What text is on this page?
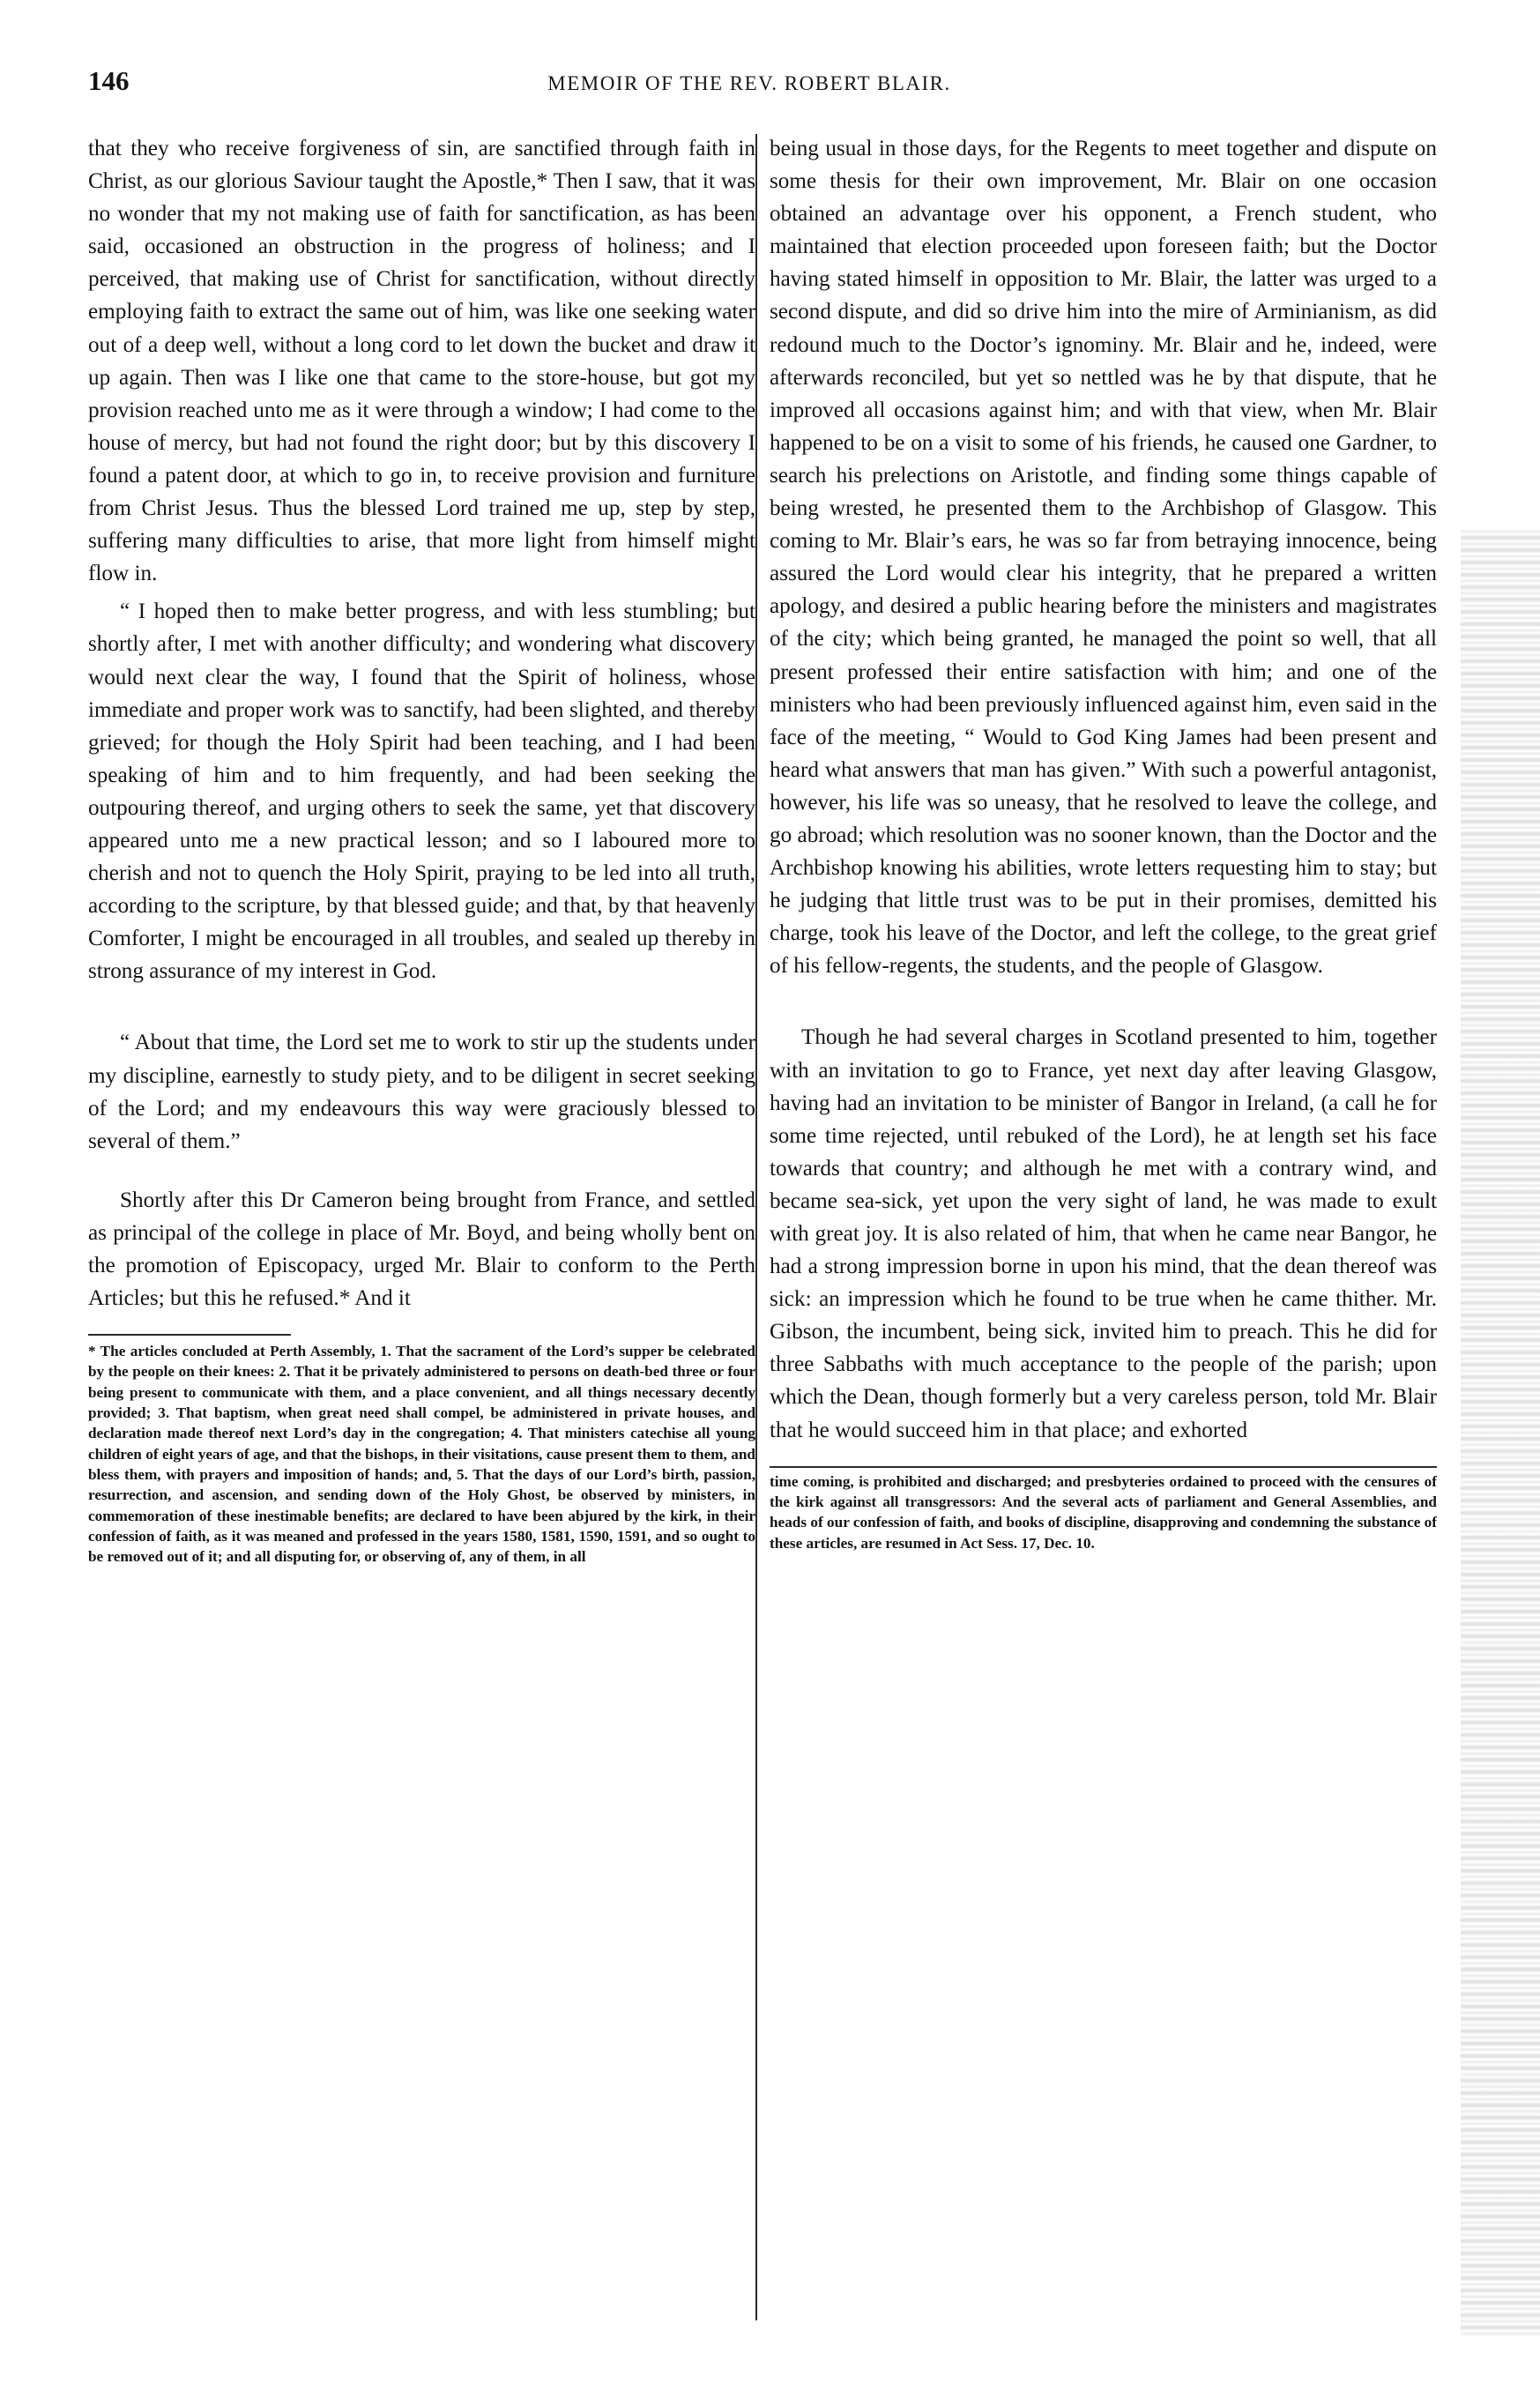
146	MEMOIR OF THE REV. ROBERT BLAIR.

that they who receive forgiveness of sin, are sanctified through faith in Christ, as our glorious Saviour taught the Apostle,* Then I saw, that it was no wonder that my not making use of faith for sanctification, as has been said, occasioned an obstruction in the progress of holiness; and I perceived, that making use of Christ for sanctification, without directly employing faith to extract the same out of him, was like one seeking water out of a deep well, without a long cord to let down the bucket and draw it up again. Then was I like one that came to the store-house, but got my provision reached unto me as it were through a window; I had come to the house of mercy, but had not found the right door; but by this discovery I found a patent door, at which to go in, to receive provision and furniture from Christ Jesus. Thus the blessed Lord trained me up, step by step, suffering many difficulties to arise, that more light from himself might flow in.

“ I hoped then to make better progress, and with less stumbling; but shortly after, I met with another difficulty; and wondering what discovery would next clear the way, I found that the Spirit of holiness, whose immediate and proper work was to sanctify, had been slighted, and thereby grieved; for though the Holy Spirit had been teaching, and I had been speaking of him and to him frequently, and had been seeking the outpouring thereof, and urging others to seek the same, yet that discovery appeared unto me a new practical lesson; and so I laboured more to cherish and not to quench the Holy Spirit, praying to be led into all truth, according to the scripture, by that blessed guide; and that, by that heavenly Comforter, I might be encouraged in all troubles, and sealed up thereby in strong assurance of my interest in God.

“ About that time, the Lord set me to work to stir up the students under my discipline, earnestly to study piety, and to be diligent in secret seeking of the Lord; and my endeavours this way were graciously blessed to several of them.”

Shortly after this Dr Cameron being brought from France, and settled as principal of the college in place of Mr. Boyd, and being wholly bent on the promotion of Episcopacy, urged Mr. Blair to conform to the Perth Articles; but this he refused.* And it

* The articles concluded at Perth Assembly, 1. That the sacrament of the Lord’s supper be celebrated by the people on their knees: 2. That it be privately administered to persons on death-bed three or four being present to communicate with them, and a place convenient, and all things necessary decently provided; 3. That baptism, when great need shall compel, be administered in private houses, and declaration made thereof next Lord’s day in the congregation; 4. That ministers catechise all young children of eight years of age, and that the bishops, in their visitations, cause present them to them, and bless them, with prayers and imposition of hands; and, 5. That the days of our Lord’s birth, passion, resurrection, and ascension, and sending down of the Holy Ghost, be observed by ministers, in commemoration of these inestimable benefits; are declared to have been abjured by the kirk, in their confession of faith, as it was meaned and professed in the years 1580, 1581, 1590, 1591, and so ought to be removed out of it; and all disputing for, or observing of, any of them, in all

being usual in those days, for the Regents to meet together and dispute on some thesis for their own improvement, Mr. Blair on one occasion obtained an advantage over his opponent, a French student, who maintained that election proceeded upon foreseen faith; but the Doctor having stated himself in opposition to Mr. Blair, the latter was urged to a second dispute, and did so drive him into the mire of Arminianism, as did redound much to the Doctor’s ignominy. Mr. Blair and he, indeed, were afterwards reconciled, but yet so nettled was he by that dispute, that he improved all occasions against him; and with that view, when Mr. Blair happened to be on a visit to some of his friends, he caused one Gardner, to search his prelections on Aristotle, and finding some things capable of being wrested, he presented them to the Archbishop of Glasgow. This coming to Mr. Blair’s ears, he was so far from betraying innocence, being assured the Lord would clear his integrity, that he prepared a written apology, and desired a public hearing before the ministers and magistrates of the city; which being granted, he managed the point so well, that all present professed their entire satisfaction with him; and one of the ministers who had been previously influenced against him, even said in the face of the meeting, “ Would to God King James had been present and heard what answers that man has given.” With such a powerful antagonist, however, his life was so uneasy, that he resolved to leave the college, and go abroad; which resolution was no sooner known, than the Doctor and the Archbishop knowing his abilities, wrote letters requesting him to stay; but he judging that little trust was to be put in their promises, demitted his charge, took his leave of the Doctor, and left the college, to the great grief of his fellow-regents, the students, and the people of Glasgow.

Though he had several charges in Scotland presented to him, together with an invitation to go to France, yet next day after leaving Glasgow, having had an invitation to be minister of Bangor in Ireland, (a call he for some time rejected, until rebuked of the Lord), he at length set his face towards that country; and although he met with a contrary wind, and became sea-sick, yet upon the very sight of land, he was made to exult with great joy. It is also related of him, that when he came near Bangor, he had a strong impression borne in upon his mind, that the dean thereof was sick: an impression which he found to be true when he came thither. Mr. Gibson, the incumbent, being sick, invited him to preach. This he did for three Sabbaths with much acceptance to the people of the parish; upon which the Dean, though formerly but a very careless person, told Mr. Blair that he would succeed him in that place; and exhorted

time coming, is prohibited and discharged; and presbyteries ordained to proceed with the censures of the kirk against all transgressors: And the several acts of parliament and General Assemblies, and heads of our confession of faith, and books of discipline, disapproving and condemning the substance of these articles, are resumed in Act Sess. 17, Dec. 10.
